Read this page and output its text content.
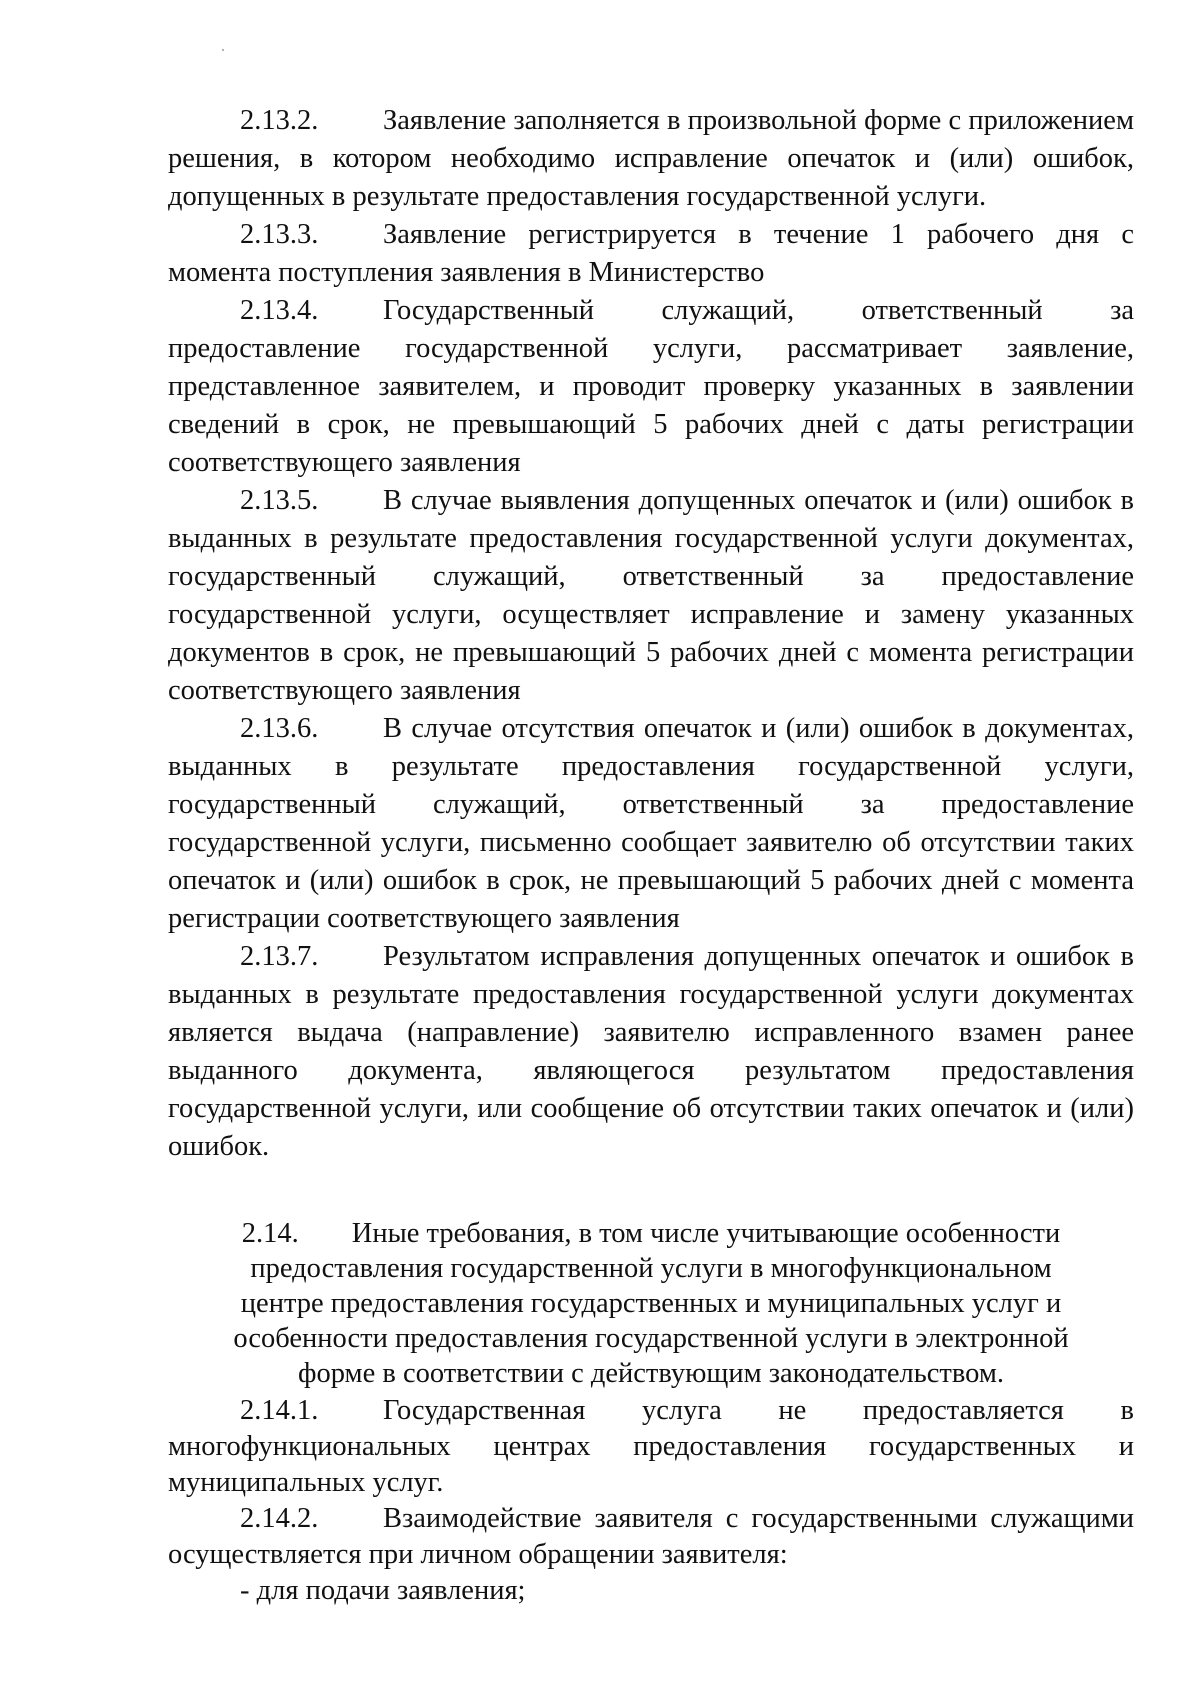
2.13.2. Заявление заполняется в произвольной форме с приложением решения, в котором необходимо исправление опечаток и (или) ошибок, допущенных в результате предоставления государственной услуги.

2.13.3. Заявление регистрируется в течение 1 рабочего дня с момента поступления заявления в Министерство

2.13.4. Государственный служащий, ответственный за предоставление государственной услуги, рассматривает заявление, представленное заявителем, и проводит проверку указанных в заявлении сведений в срок, не превышающий 5 рабочих дней с даты регистрации соответствующего заявления

2.13.5. В случае выявления допущенных опечаток и (или) ошибок в выданных в результате предоставления государственной услуги документах, государственный служащий, ответственный за предоставление государственной услуги, осуществляет исправление и замену указанных документов в срок, не превышающий 5 рабочих дней с момента регистрации соответствующего заявления

2.13.6. В случае отсутствия опечаток и (или) ошибок в документах, выданных в результате предоставления государственной услуги, государственный служащий, ответственный за предоставление государственной услуги, письменно сообщает заявителю об отсутствии таких опечаток и (или) ошибок в срок, не превышающий 5 рабочих дней с момента регистрации соответствующего заявления

2.13.7. Результатом исправления допущенных опечаток и ошибок в выданных в результате предоставления государственной услуги документах является выдача (направление) заявителю исправленного взамен ранее выданного документа, являющегося результатом предоставления государственной услуги, или сообщение об отсутствии таких опечаток и (или) ошибок.

2.14. Иные требования, в том числе учитывающие особенности предоставления государственной услуги в многофункциональном центре предоставления государственных и муниципальных услуг и особенности предоставления государственной услуги в электронной форме в соответствии с действующим законодательством.

2.14.1. Государственная услуга не предоставляется в многофункциональных центрах предоставления государственных и муниципальных услуг.

2.14.2. Взаимодействие заявителя с государственными служащими осуществляется при личном обращении заявителя:

- для подачи заявления;
